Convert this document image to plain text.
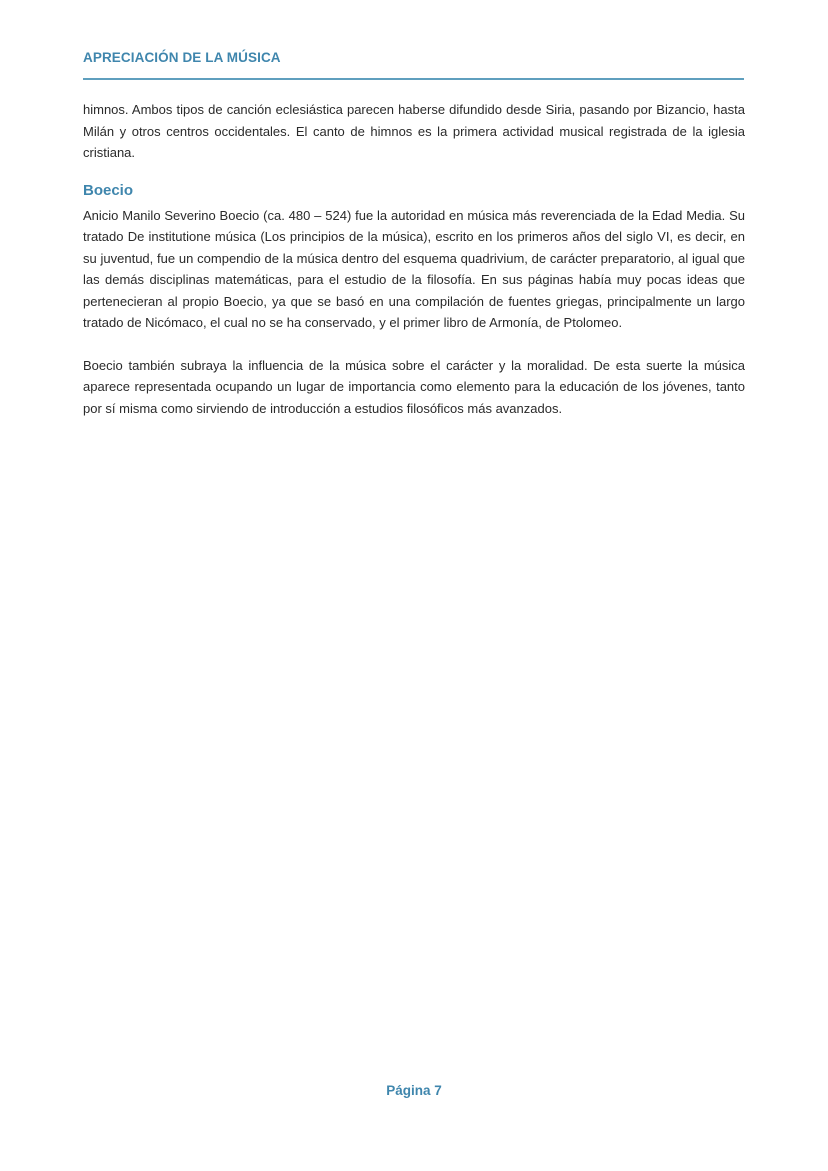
APRECIACIÓN DE LA MÚSICA

himnos. Ambos tipos de canción eclesiástica parecen haberse difundido desde Siria, pasando por Bizancio, hasta Milán y otros centros occidentales. El canto de himnos es la primera actividad musical registrada de la iglesia cristiana.

Boecio

Anicio Manilo Severino Boecio (ca. 480 – 524) fue la autoridad en música más reverenciada de la Edad Media. Su tratado De institutione música (Los principios de la música), escrito en los primeros años del siglo VI, es decir, en su juventud, fue un compendio de la música dentro del esquema quadrivium, de carácter preparatorio, al igual que las demás disciplinas matemáticas, para el estudio de la filosofía. En sus páginas había muy pocas ideas que pertenecieran al propio Boecio, ya que se basó en una compilación de fuentes griegas, principalmente un largo tratado de Nicómaco, el cual no se ha conservado, y el primer libro de Armonía, de Ptolomeo.

Boecio también subraya la influencia de la música sobre el carácter y la moralidad. De esta suerte la música aparece representada ocupando un lugar de importancia como elemento para la educación de los jóvenes, tanto por sí misma como sirviendo de introducción a estudios filosóficos más avanzados.

Página 7
